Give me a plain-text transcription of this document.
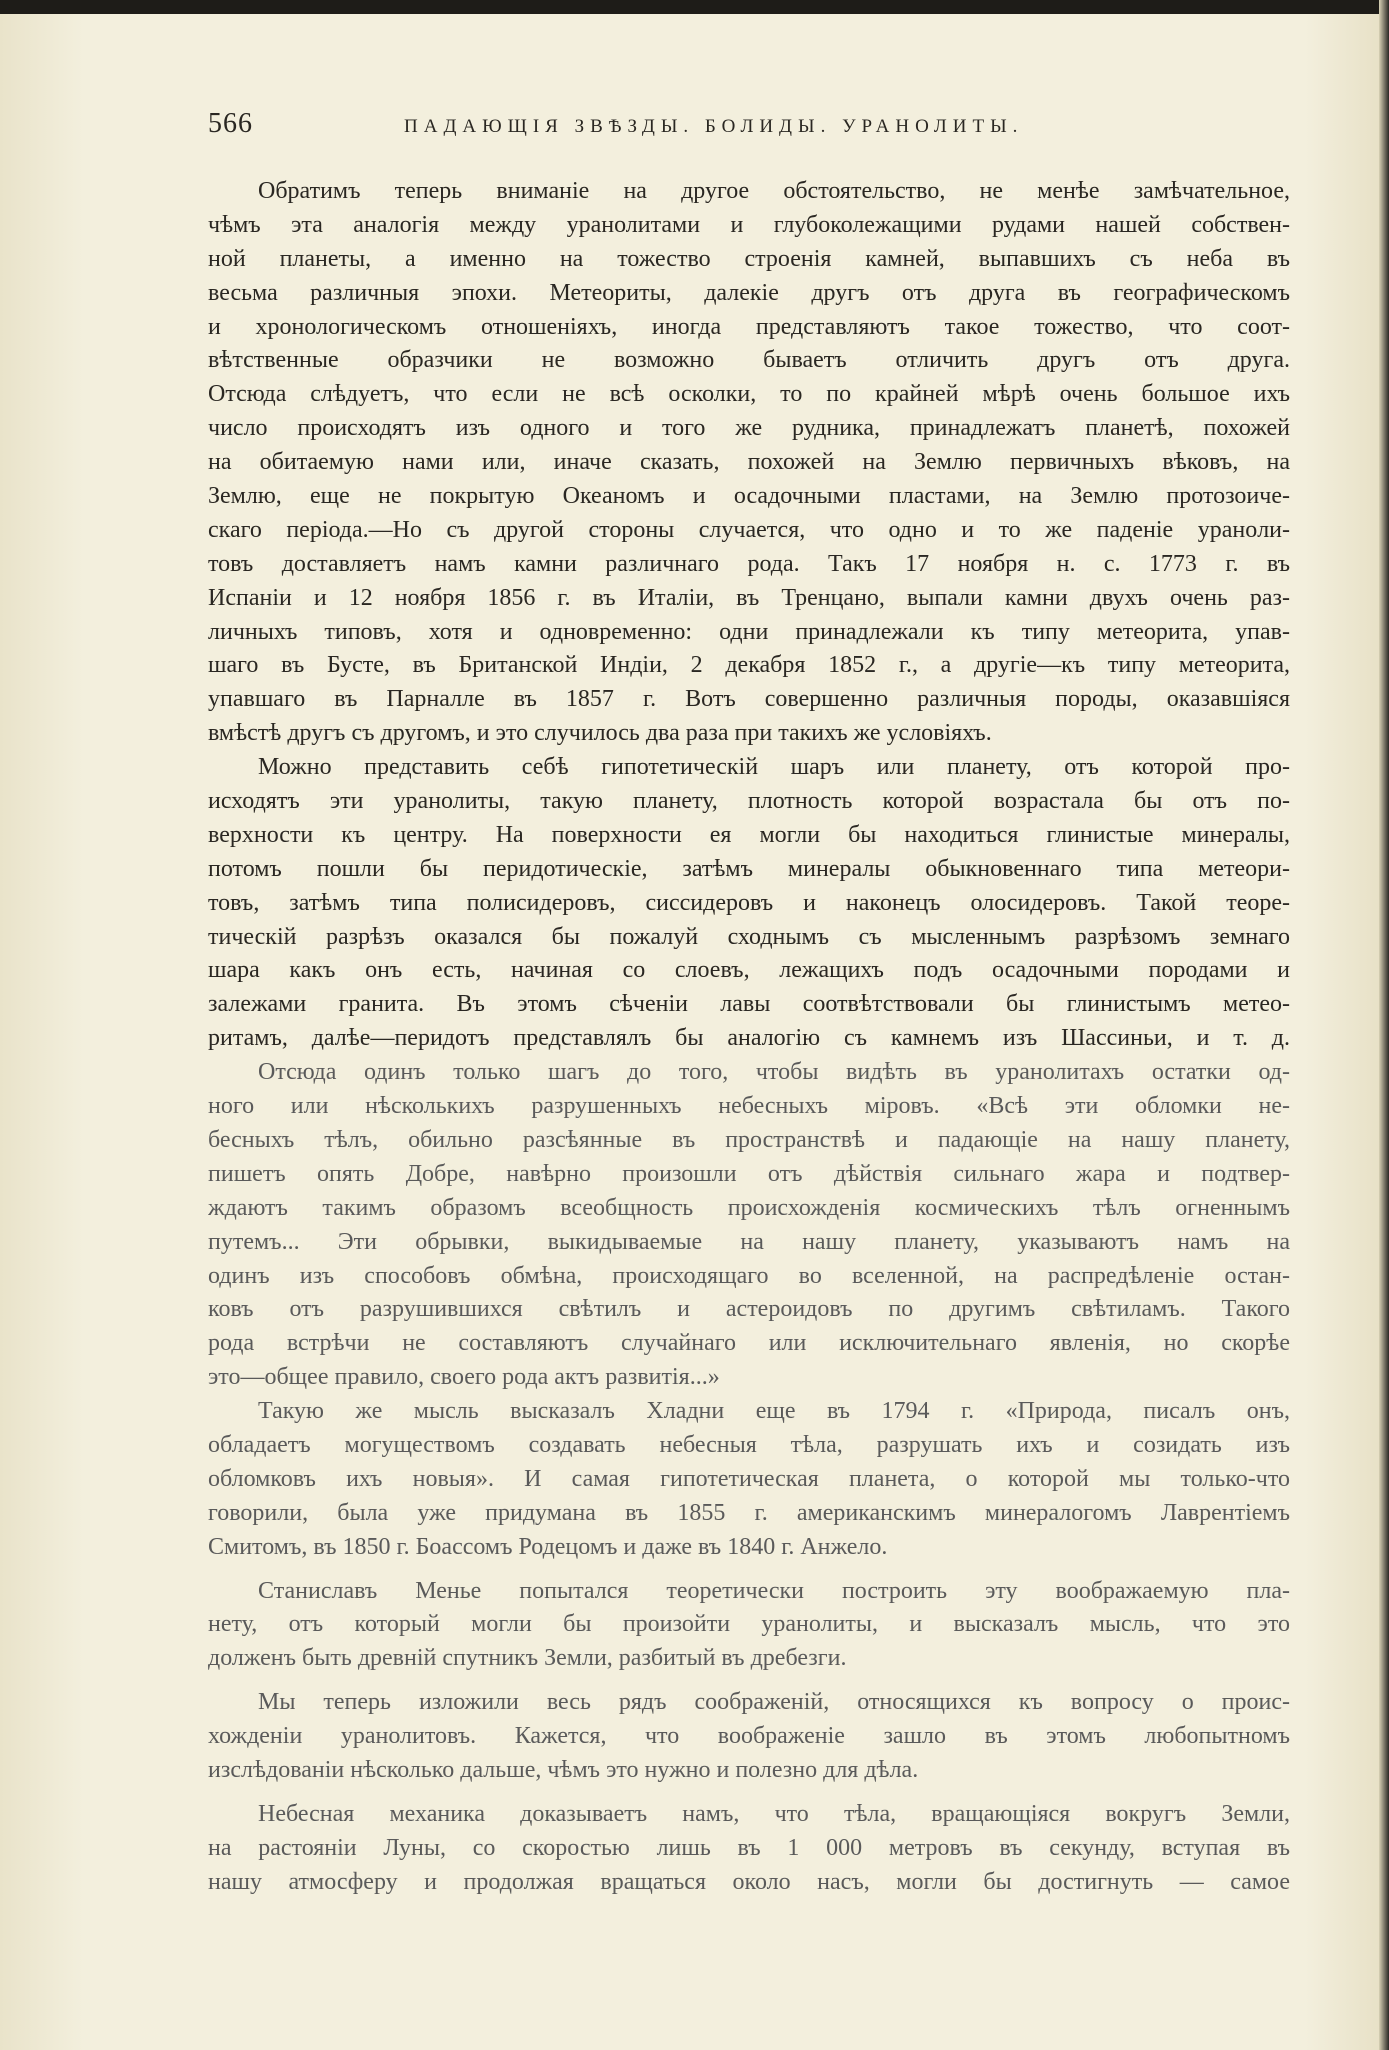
566	ПАДАЮЩІЯ ЗВѢЗДЫ. БОЛИДЫ. УРАНОЛИТЫ.
Обратимъ теперь вниманіе на другое обстоятельство, не менѣе замѣчательное,
чѣмъ эта аналогія между уранолитами и глубоколежащими рудами нашей собствен-
ной планеты, а именно на тожество строенія камней, выпавшихъ съ неба въ
весьма различныя эпохи. Метеориты, далекіе другъ отъ друга въ географическомъ
и хронологическомъ отношеніяхъ, иногда представляютъ такое тожество, что соот-
вѣтственные образчики не возможно бываетъ отличить другъ отъ друга.
Отсюда слѣдуетъ, что если не всѣ осколки, то по крайней мѣрѣ очень большое ихъ
число происходятъ изъ одного и того же рудника, принадлежатъ планетѣ, похожей
на обитаемую нами или, иначе сказать, похожей на Землю первичныхъ вѣковъ, на
Землю, еще не покрытую Океаномъ и осадочными пластами, на Землю протозоиче-
скаго періода.—Но съ другой стороны случается, что одно и то же паденіе уранoли-
товъ доставляетъ намъ камни различнаго рода. Такъ 17 ноября н. с. 1773 г. въ
Испаніи и 12 ноября 1856 г. въ Италіи, въ Тренцано, выпали камни двухъ очень раз-
личныхъ типовъ, хотя и одновременно: одни принадлежали къ типу метеорита, упав-
шаго въ Бусте, въ Британской Индіи, 2 декабря 1852 г., а другіе—къ типу метеорита,
упавшаго въ Парналле въ 1857 г. Вотъ совершенно различныя породы, оказавшіяся
вмѣстѣ другъ съ другомъ, и это случилось два раза при такихъ же условіяхъ.
Можно представить себѣ гипотетическій шаръ или планету, отъ которой про-
исходятъ эти уранолиты, такую планету, плотность которой возрастала бы отъ по-
верхности къ центру. На поверхности ея могли бы находиться глинистые минералы,
потомъ пошли бы перидотическіе, затѣмъ минералы обыкновеннаго типа метеори-
товъ, затѣмъ типа полисидеровъ, сиссидеровъ и наконецъ олосидеровъ. Такой теоре-
тическій разрѣзъ оказался бы пожалуй сходнымъ съ мысленнымъ разрѣзомъ земнаго
шара какъ онъ есть, начиная со слоевъ, лежащихъ подъ осадочными породами и
залежами гранита. Въ этомъ сѣченіи лавы соотвѣтствовали бы глинистымъ метео-
ритамъ, далѣе—перидотъ представлялъ бы аналогію съ камнемъ изъ Шассиньи, и т. д.
Отсюда одинъ только шагъ до того, чтобы видѣть въ уранолитахъ остатки од-
ного или нѣсколькихъ разрушенныхъ небесныхъ міровъ. «Всѣ эти обломки не-
бесныхъ тѣлъ, обильно разсѣянные въ пространствѣ и падающіе на нашу планету,
пишетъ опять Добре, навѣрно произошли отъ дѣйствія сильнаго жара и подтвер-
ждаютъ такимъ образомъ всеобщность происхожденія космическихъ тѣлъ огненнымъ
путемъ... Эти обрывки, выкидываемые на нашу планету, указываютъ намъ на
одинъ изъ способовъ обмѣна, происходящаго во вселенной, на распредѣленіе остан-
ковъ отъ разрушившихся свѣтилъ и астероидовъ по другимъ свѣтиламъ. Такого
рода встрѣчи не составляютъ случайнаго или исключительнаго явленія, но скорѣе
это—общее правило, своего рода актъ развитія...»
Такую же мысль высказалъ Хладни еще въ 1794 г. «Природа, писалъ онъ,
обладаетъ могуществомъ создавать небесныя тѣла, разрушать ихъ и созидать изъ
обломковъ ихъ новыя». И самая гипотетическая планета, о которой мы только-что
говорили, была уже придумана въ 1855 г. американскимъ минералогомъ Лаврентіемъ
Смитомъ, въ 1850 г. Боассомъ Родецомъ и даже въ 1840 г. Анжело.
Станиславъ Менье попытался теоретически построить эту воображаемую пла-
нету, отъ который могли бы произойти уранолиты, и высказалъ мысль, что это
долженъ быть древній спутникъ Земли, разбитый въ дребезги.
Мы теперь изложили весь рядъ соображеній, относящихся къ вопросу о проис-
хожденіи уранолитовъ. Кажется, что воображеніе зашло въ этомъ любопытномъ
изслѣдованіи нѣсколько дальше, чѣмъ это нужно и полезно для дѣла.
Небесная механика доказываетъ намъ, что тѣла, вращающіяся вокругъ Земли,
на растояніи Луны, со скоростью лишь въ 1 000 метровъ въ секунду, вступая въ
нашу атмосферу и продолжая вращаться около насъ, могли бы достигнуть — самое
